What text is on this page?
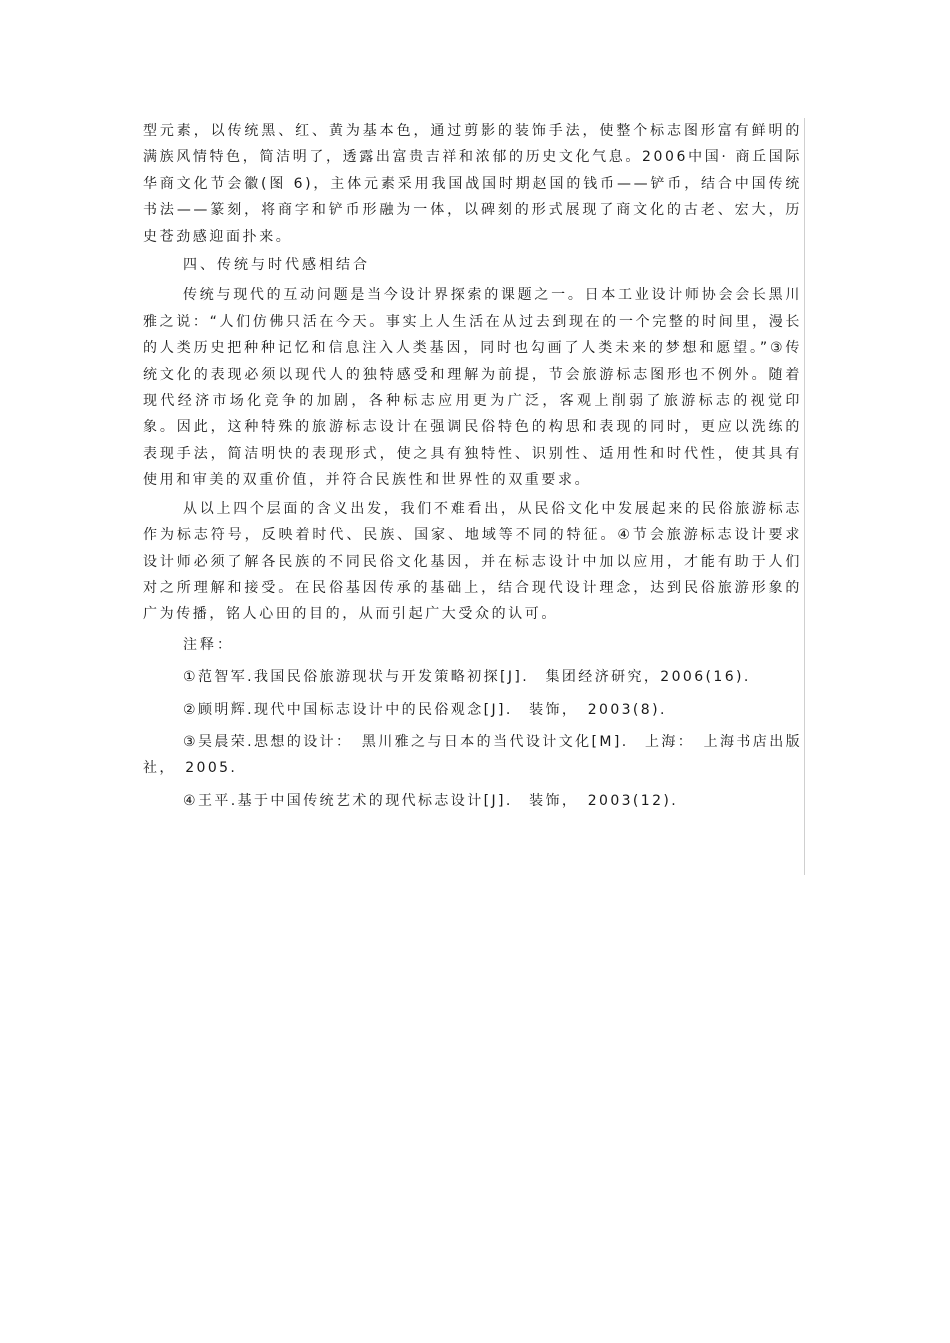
型元素，以传统黑、红、黄为基本色，通过剪影的装饰手法，使整个标志图形富有鲜明的满族风情特色，简洁明了，透露出富贵吉祥和浓郁的历史文化气息。2006中国· 商丘国际华商文化节会徽(图 6)，主体元素采用我国战国时期赵国的钱币——铲币，结合中国传统书法——篆刻，将商字和铲币形融为一体，以碑刻的形式展现了商文化的古老、宏大，历史苍劲感迎面扑来。

四、传统与时代感相结合

传统与现代的互动问题是当今设计界探索的课题之一。日本工业设计师协会会长黑川雅之说：“人们仿佛只活在今天。事实上人生活在从过去到现在的一个完整的时间里，漫长的人类历史把种种记忆和信息注入人类基因，同时也勾画了人类未来的梦想和愿望。”③传统文化的表现必须以现代人的独特感受和理解为前提，节会旅游标志图形也不例外。随着现代经济市场化竞争的加剧，各种标志应用更为广泛，客观上削弱了旅游标志的视觉印象。因此，这种特殊的旅游标志设计在强调民俗特色的构思和表现的同时，更应以洗练的表现手法，简洁明快的表现形式，使之具有独特性、识别性、适用性和时代性，使其具有使用和审美的双重价值，并符合民族性和世界性的双重要求。

从以上四个层面的含义出发，我们不难看出，从民俗文化中发展起来的民俗旅游标志作为标志符号，反映着时代、民族、国家、地域等不同的特征。④节会旅游标志设计要求设计师必须了解各民族的不同民俗文化基因，并在标志设计中加以应用，才能有助于人们对之所理解和接受。在民俗基因传承的基础上，结合现代设计理念，达到民俗旅游形象的广为传播，铭人心田的目的，从而引起广大受众的认可。

注释：

①范智军.我国民俗旅游现状与开发策略初探[J].　集团经济研究，2006(16).

②顾明辉.现代中国标志设计中的民俗观念[J].　装饰，　2003(8).

③吴晨荣.思想的设计：　黑川雅之与日本的当代设计文化[M].　上海：　上海书店出版社，　2005.

④王平.基于中国传统艺术的现代标志设计[J].　装饰，　2003(12).
